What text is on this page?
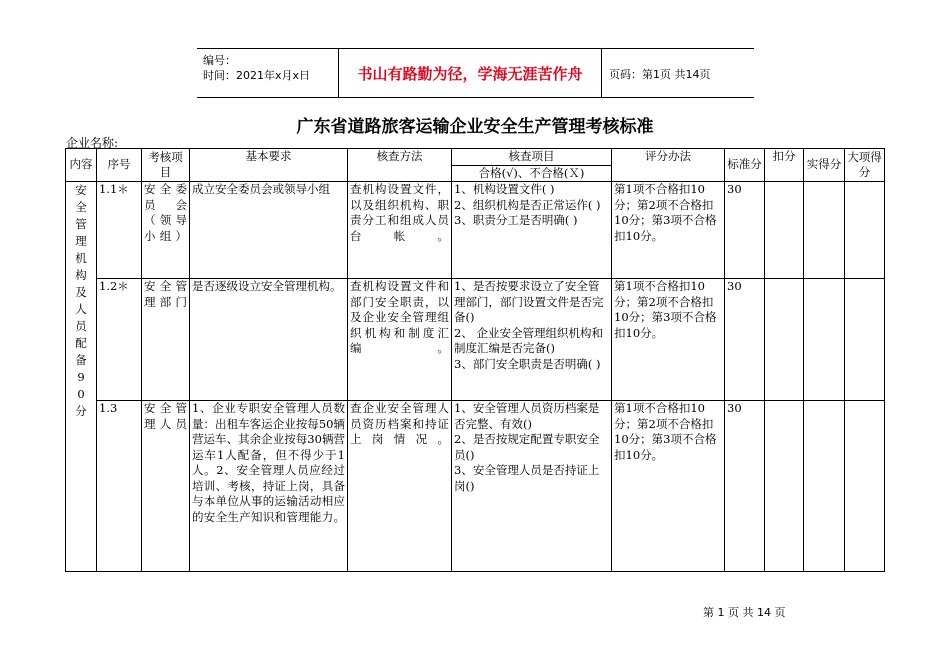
编号：
时间：2021年x月x日	书山有路勤为径，学海无涯苦作舟	页码：第1页 共14页
广东省道路旅客运输企业安全生产管理考核标准
企业名称:
内容	序号	考核项目	基本要求	核查方法	核查项目	评分办法	标准分	扣分	实得分	大项得分
					合格(√)、不合格(Ｘ)					

安全管理机构及人员配备90分	1.1＊	安全委员会（领导小组）	成立安全委员会或领导小组	查机构设置文件，以及组织机构、职责分工和组成人员台帐。	1、机构设置文件( )
2、组织机构是否正常运作( )
3、职责分工是否明确( )	第1项不合格扣10分；第2项不合格扣10分；第3项不合格扣10分。	30			
	1.2＊	安全管理部门	是否逐级设立安全管理机构。	查机构设置文件和部门安全职责，以及企业安全管理组织机构和制度汇编。	1、是否按要求设立了安全管理部门，部门设置文件是否完备()
2、 企业安全管理组织机构和制度汇编是否完备()
3、部门安全职责是否明确( )	第1项不合格扣10分；第2项不合格扣10分；第3项不合格扣10分。	30			
	1.3	安全管理人员	1、企业专职安全管理人员数量：出租车客运企业按每50辆营运车、其余企业按每30辆营运车1人配备，但不得少于1人。2、安全管理人员应经过培训、考核，持证上岗，具备与本单位从事的运输活动相应的安全生产知识和管理能力。	查企业安全管理人员资历档案和持证上岗情况。	1、安全管理人员资历档案是否完整、有效()
2、是否按规定配置专职安全员()
3、安全管理人员是否持证上岗()	第1项不合格扣10分；第2项不合格扣10分；第3项不合格扣10分。	30			
第 1 页 共 14 页
